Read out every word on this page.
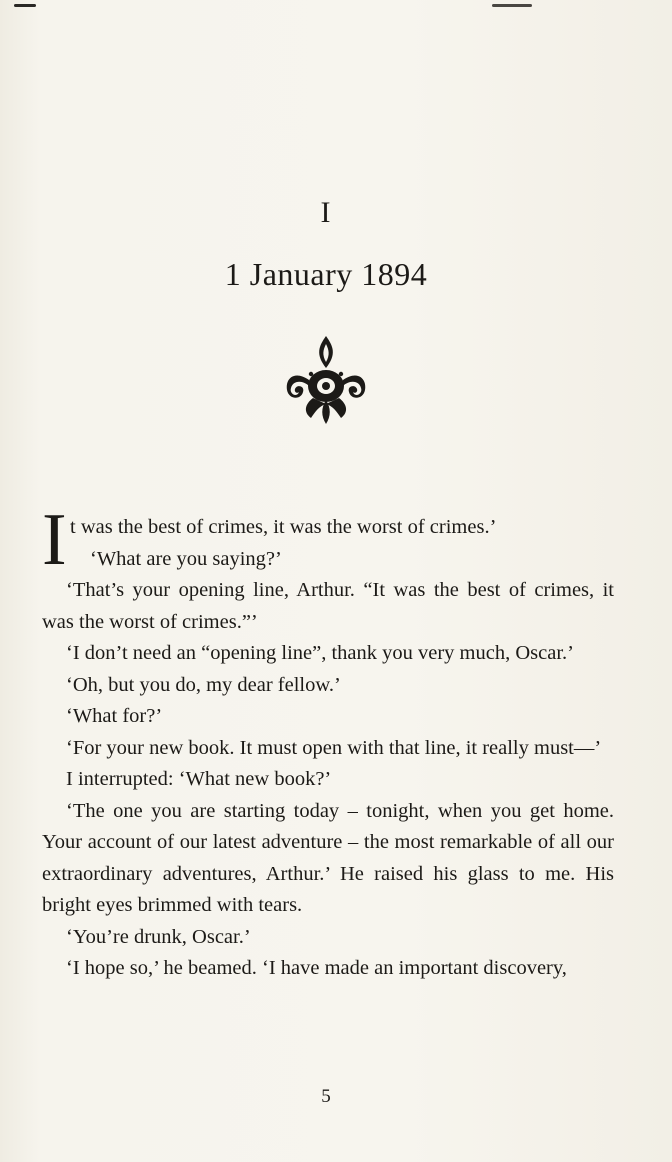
I
1 January 1894
I t was the best of crimes, it was the worst of crimes.’

‘What are you saying?’

‘That’s your opening line, Arthur. “It was the best of crimes, it was the worst of crimes.”’

‘I don’t need an “opening line”, thank you very much, Oscar.’

‘Oh, but you do, my dear fellow.’

‘What for?’

‘For your new book. It must open with that line, it really must—’

I interrupted: ‘What new book?’

‘The one you are starting today – tonight, when you get home. Your account of our latest adventure – the most remarkable of all our extraordinary adventures, Arthur.’ He raised his glass to me. His bright eyes brimmed with tears.

‘You’re drunk, Oscar.’

‘I hope so,’ he beamed. ‘I have made an important discovery,

5
